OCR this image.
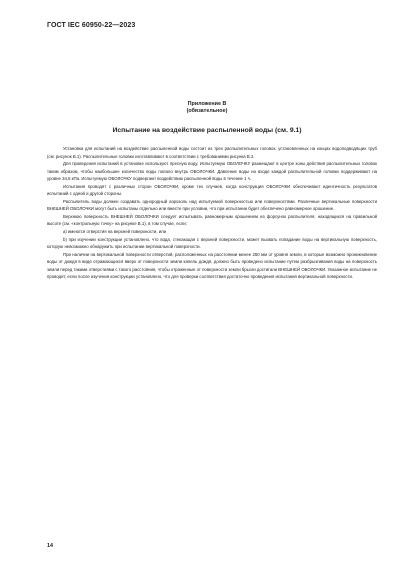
ГОСТ IEC 60950-22—2023
Приложение В
(обязательное)
Испытание на воздействие распыленной воды (см. 9.1)

Установка для испытаний на воздействие распыленной воды состоит из трех распылительных головок, установленных на концах водоподводящих труб (см. рисунок В.1). Распылительные головки изготавливают в соответствии с требованиями рисунка В.2.

Для проведения испытаний в установке используют пресную воду. Испытуемую ОБОЛОЧКУ размещают в центре зоны действия распылительных головок таким образом, чтобы наибольшее количество воды попало внутрь ОБОЛОЧКИ. Давление воды на входе каждой распылительной головки поддерживают на уровне 34,5 кПа. Испытуемую ОБОЛОЧКУ подвергают воздействию распыленной воды в течение 1 ч.

Испытания проводят с различных сторон ОБОЛОЧКИ, кроме тех случаев, когда конструкция ОБОЛОЧКИ обеспечивает идентичность результатов испытаний с одной и другой стороны.

Распылитель воды должен создавать однородный аэрозоль над испытуемой поверхностью или поверхностями. Различные вертикальные поверхности ВНЕШНЕЙ ОБОЛОЧКИ могут быть испытаны отдельно или вместе при условии, что при испытании будет обеспечено равномерное орошение.

Верхнюю поверхность ВНЕШНЕЙ ОБОЛОЧКИ следует испытывать равномерным орошением из форсунок распылителя, находящихся на правильной высоте (см. «контрольную точку» на рисунке В.1), в том случае, если:

а) имеются отверстия на верхней поверхности, или

b) при изучении конструкции установлено, что вода, стекающая с верхней поверхности, может вызвать попадание воды на вертикальную поверхность, которую невозможно обнаружить при испытании вертикальной поверхности.

При наличии на вертикальной поверхности отверстий, расположенных на расстоянии менее 250 мм от уровня земли, в которые возможно проникновение воды от дождя в виде отражающихся вверх от поверхности земли капель дождя, должно быть проведено испытание путем разбрызгивания воды на поверхность земли перед такими отверстиями с такого расстояния, чтобы отраженные от поверхности земли брызги достигали ВНЕШНЕЙ ОБОЛОЧКИ. Указанное испытание не проводят, если после изучения конструкции установлено, что для проверки соответствия достаточно проведения испытания вертикальной поверхности.

14
